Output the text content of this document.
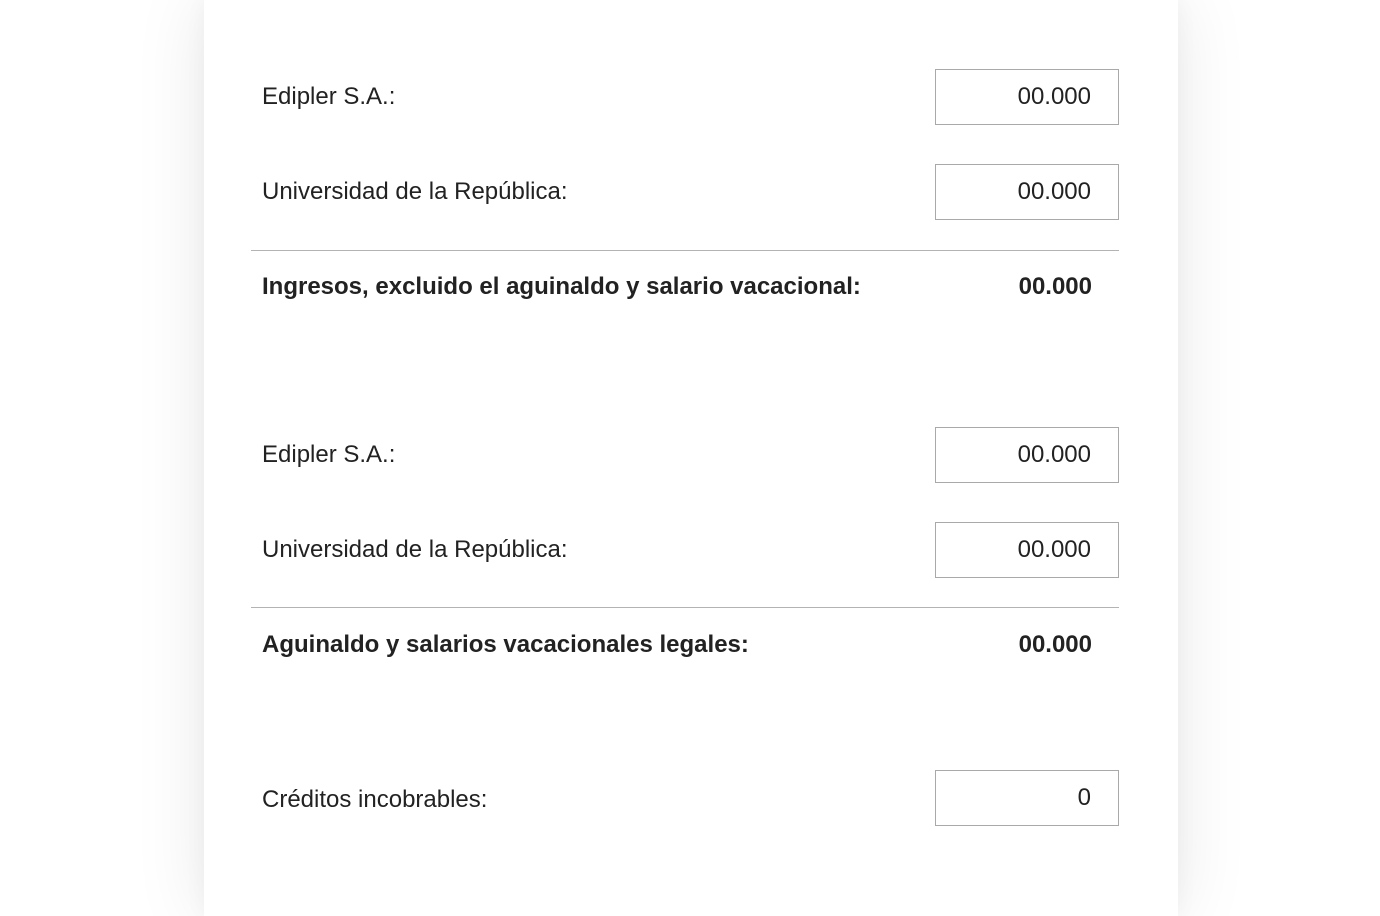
Edipler S.A.:
00.000
Universidad de la República:
00.000
Ingresos, excluido el aguinaldo y salario vacacional:	00.000
Edipler S.A.:
00.000
Universidad de la República:
00.000
Aguinaldo y salarios vacacionales legales:	00.000
Créditos incobrables:
0
